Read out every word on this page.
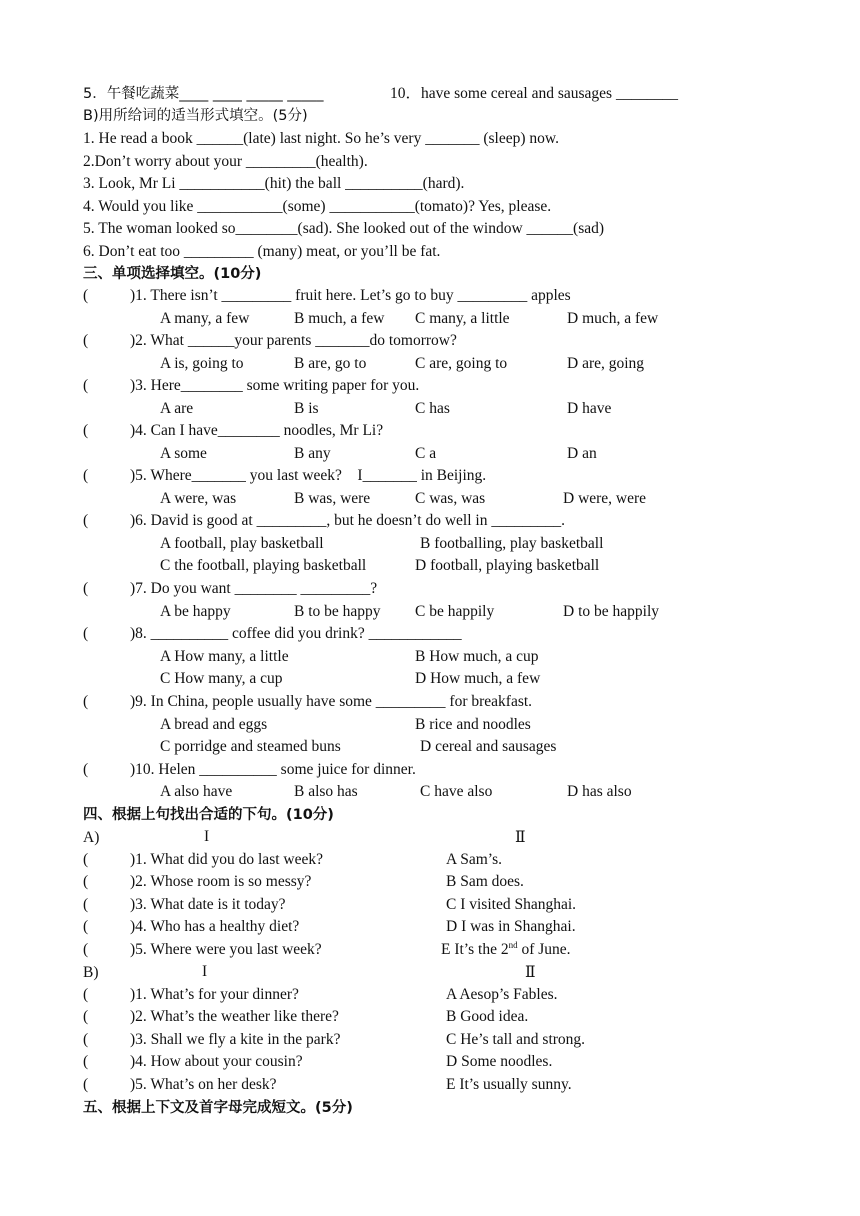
5．午餐吃蔬菜____ ____ _____ _____	10．have some cereal and sausages ________
B)用所给词的适当形式填空。(5分)
1. He read a book ______(late) last night. So he’s very _______ (sleep) now.
2.Don’t worry about your _________(health).
3. Look, Mr Li ___________(hit) the ball __________(hard).
4. Would you like ___________(some) ___________(tomato)? Yes, please.
5. The woman looked so________(sad). She looked out of the window ______(sad)
6. Don’t eat too _________ (many) meat, or you’ll be fat.
三、单项选择填空。(10分)
(	)1. There isn’t _________ fruit here. Let’s go to buy _________ apples
A many, a few	B much, a few C many, a little	D much, a few
(	)2. What ______your parents _______do tomorrow?
A is, going to	B are, go to	C are, going to	D are, going
(	)3. Here________ some writing paper for you.
A are	B is	C has	D have
(	)4. Can I have________ noodles, Mr Li?
A some	B any	C a	D an
(	)5. Where_______ you last week?    I_______ in Beijing.
A were, was	B was, were	C was, was	D were, were
(	)6. David is good at _________, but he doesn’t do well in _________.
A football, play basketball	B footballing, play basketball
C the football, playing basketball	D football, playing basketball
(	)7. Do you want ________ _________?
A be happy	B to be happy C be happily	D to be happily
(	)8. __________ coffee did you drink? ____________
A How many, a little	B How much, a cup
C How many, a cup	D How much, a few
(	)9. In China, people usually have some _________ for breakfast.
A bread and eggs	B rice and noodles
C porridge and steamed buns	D cereal and sausages
(	)10. Helen __________ some juice for dinner.
A also have	B also has	C have also	D has also
四、根据上句找出合适的下句。(10分)
A)	I	Ⅱ
(	)1. What did you do last week?	A Sam’s.
(	)2. Whose room is so messy?	B Sam does.
(	)3. What date is it today?	C I visited Shanghai.
(	)4. Who has a healthy diet?	D I was in Shanghai.
(	)5. Where were you last week?	E It’s the 2nd of June.
B)	I	Ⅱ
(	)1. What’s for your dinner?	A Aesop’s Fables.
(	)2. What’s the weather like there?	B Good idea.
(	)3. Shall we fly a kite in the park?	C He’s tall and strong.
(	)4. How about your cousin?	D Some noodles.
(	)5. What’s on her desk?	E It’s usually sunny.
五、根据上下文及首字母完成短文。(5分)
